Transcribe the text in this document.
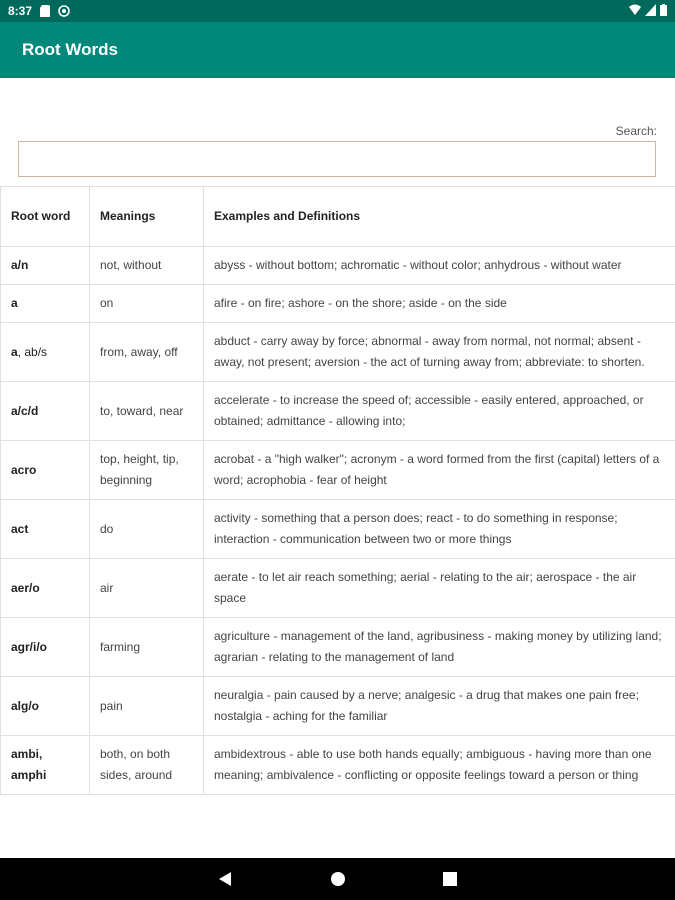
8:37
Root Words
Search:
Root word	Meanings	Examples and Definitions
a/n	not, without	abyss - without bottom; achromatic - without color; anhydrous - without water
a	on	afire - on fire; ashore - on the shore; aside - on the side
a, ab/s	from, away, off	abduct - carry away by force; abnormal - away from normal, not normal; absent - away, not present; aversion - the act of turning away from; abbreviate: to shorten.
a/c/d	to, toward, near	accelerate - to increase the speed of; accessible - easily entered, approached, or obtained; admittance - allowing into;
acro	top, height, tip, beginning	acrobat - a "high walker"; acronym - a word formed from the first (capital) letters of a word; acrophobia - fear of height
act	do	activity - something that a person does; react - to do something in response; interaction - communication between two or more things
aer/o	air	aerate - to let air reach something; aerial - relating to the air; aerospace - the air space
agr/i/o	farming	agriculture - management of the land, agribusiness - making money by utilizing land; agrarian - relating to the management of land
alg/o	pain	neuralgia - pain caused by a nerve; analgesic - a drug that makes one pain free; nostalgia - aching for the familiar
ambi, amphi	both, on both sides, around	ambidextrous - able to use both hands equally; ambiguous - having more than one meaning; ambivalence - conflicting or opposite feelings toward a person or thing
